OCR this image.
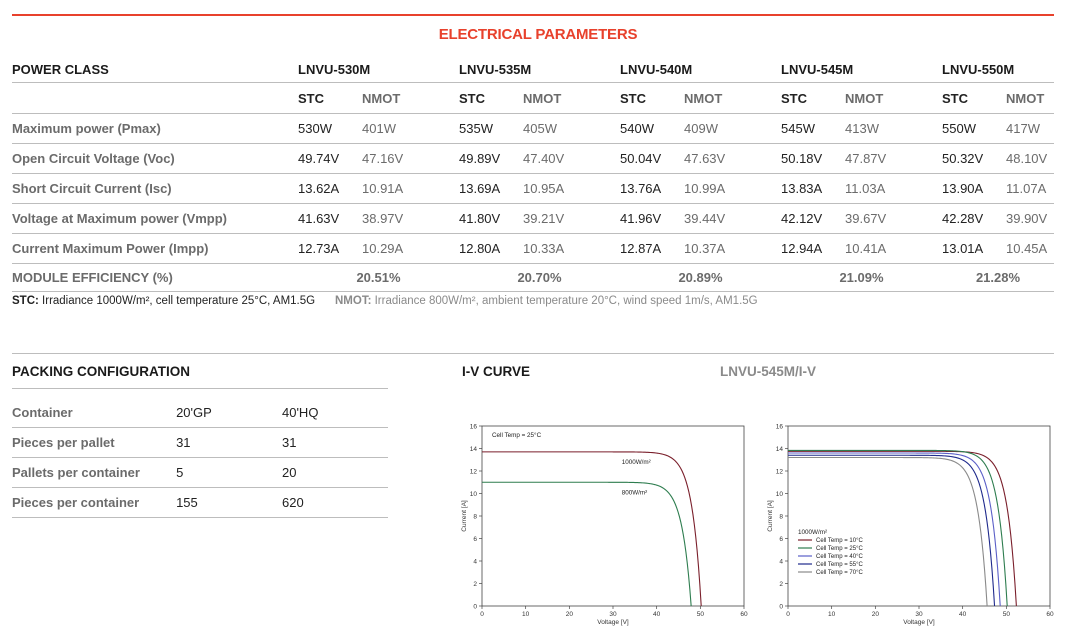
ELECTRICAL PARAMETERS
POWER CLASS	LNVU-530M		LNVU-535M		LNVU-540M		LNVU-545M		LNVU-550M	
	STC	NMOT	STC	NMOT	STC	NMOT	STC	NMOT	STC	NMOT
Maximum power (Pmax)	530W	401W	535W	405W	540W	409W	545W	413W	550W	417W
Open Circuit Voltage (Voc)	49.74V	47.16V	49.89V	47.40V	50.04V	47.63V	50.18V	47.87V	50.32V	48.10V
Short Circuit Current (Isc)	13.62A	10.91A	13.69A	10.95A	13.76A	10.99A	13.83A	11.03A	13.90A	11.07A
Voltage at Maximum power (Vmpp)	41.63V	38.97V	41.80V	39.21V	41.96V	39.44V	42.12V	39.67V	42.28V	39.90V
Current Maximum Power (Impp)	12.73A	10.29A	12.80A	10.33A	12.87A	10.37A	12.94A	10.41A	13.01A	10.45A
MODULE EFFICIENCY (%)	20.51%		20.70%		20.89%		21.09%		21.28%	
STC: Irradiance 1000W/m², cell temperature 25°C, AM1.5G NMOT: Irradiance 800W/m², ambient temperature 20°C, wind speed 1m/s, AM1.5G
PACKING CONFIGURATION
Container	20'GP	40'HQ
Pieces per pallet	31	31
Pallets per container	5	20
Pieces per container	155	620
I-V CURVE	LNVU-545M/I-V
0
2
4
6
8
10
12
14
16
0	10	20	30	40	50	60
Voltage [V]
Current [A]
Cell Temp = 25°C
1000W/m²
800W/m²
0
2
4
6
8
10
12
14
16
0	10	20	30	40	50	60
Voltage [V]
Current [A]
1000W/m²
Cell Temp = 10°C
Cell Temp = 25°C
Cell Temp = 40°C
Cell Temp = 55°C
Cell Temp = 70°C
